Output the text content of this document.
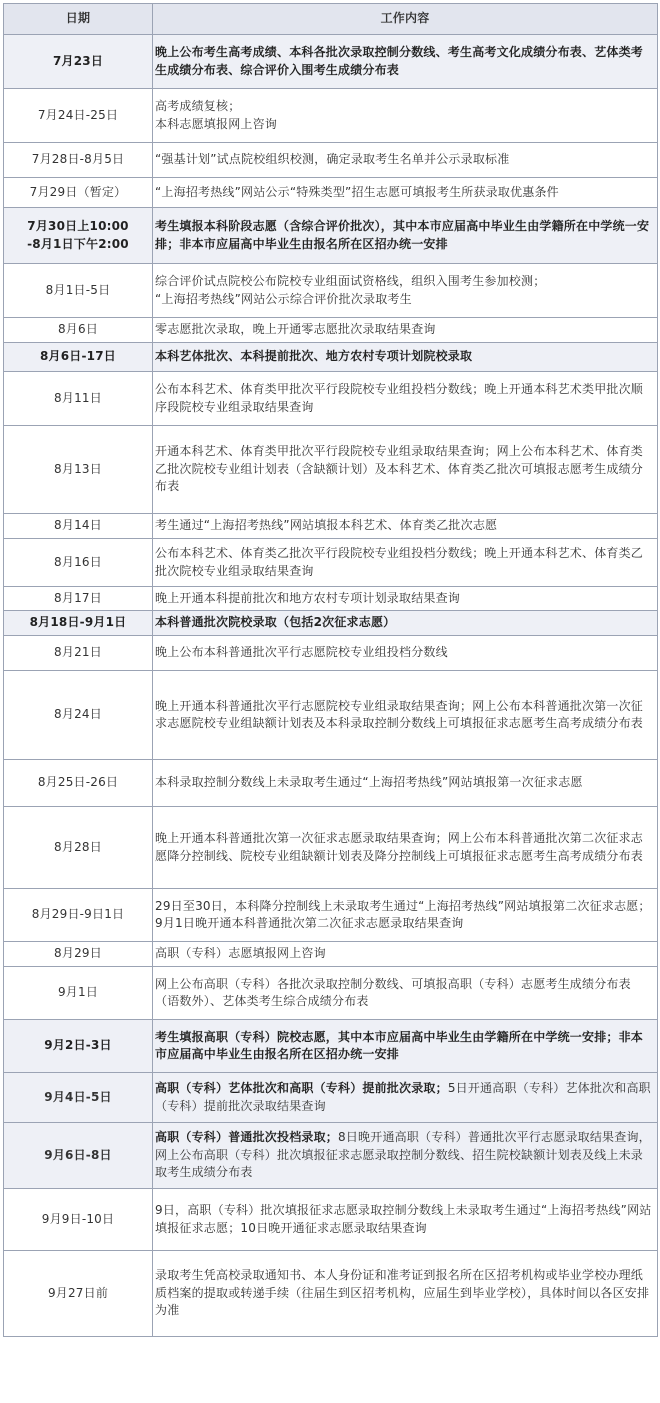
日期	工作内容
7月23日	晚上公布考生高考成绩、本科各批次录取控制分数线、考生高考文化成绩分布表、艺体类考生成绩分布表、综合评价入围考生成绩分布表
7月24日-25日	高考成绩复核；
本科志愿填报网上咨询
7月28日-8月5日	“强基计划”试点院校组织校测，确定录取考生名单并公示录取标准
7月29日（暂定）	“上海招考热线”网站公示“特殊类型”招生志愿可填报考生所获录取优惠条件
7月30日上10:00
-8月1日下午2:00	考生填报本科阶段志愿（含综合评价批次），其中本市应届高中毕业生由学籍所在中学统一安排；非本市应届高中毕业生由报名所在区招办统一安排
8月1日-5日	综合评价试点院校公布院校专业组面试资格线，组织入围考生参加校测；
“上海招考热线”网站公示综合评价批次录取考生
8月6日	零志愿批次录取，晚上开通零志愿批次录取结果查询
8月6日-17日	本科艺体批次、本科提前批次、地方农村专项计划院校录取
8月11日	公布本科艺术、体育类甲批次平行段院校专业组投档分数线；晚上开通本科艺术类甲批次顺序段院校专业组录取结果查询
8月13日	开通本科艺术、体育类甲批次平行段院校专业组录取结果查询；网上公布本科艺术、体育类乙批次院校专业组计划表（含缺额计划）及本科艺术、体育类乙批次可填报志愿考生成绩分布表
8月14日	考生通过“上海招考热线”网站填报本科艺术、体育类乙批次志愿
8月16日	公布本科艺术、体育类乙批次平行段院校专业组投档分数线；晚上开通本科艺术、体育类乙批次院校专业组录取结果查询
8月17日	晚上开通本科提前批次和地方农村专项计划录取结果查询
8月18日-9月1日	本科普通批次院校录取（包括2次征求志愿）
8月21日	晚上公布本科普通批次平行志愿院校专业组投档分数线
8月24日	晚上开通本科普通批次平行志愿院校专业组录取结果查询；网上公布本科普通批次第一次征求志愿院校专业组缺额计划表及本科录取控制分数线上可填报征求志愿考生高考成绩分布表
8月25日-26日	本科录取控制分数线上未录取考生通过“上海招考热线”网站填报第一次征求志愿
8月28日	晚上开通本科普通批次第一次征求志愿录取结果查询；网上公布本科普通批次第二次征求志愿降分控制线、院校专业组缺额计划表及降分控制线上可填报征求志愿考生高考成绩分布表
8月29日-9日1日	29日至30日，本科降分控制线上未录取考生通过“上海招考热线”网站填报第二次征求志愿；9月1日晚开通本科普通批次第二次征求志愿录取结果查询
8月29日	高职（专科）志愿填报网上咨询
9月1日	网上公布高职（专科）各批次录取控制分数线、可填报高职（专科）志愿考生成绩分布表（语数外）、艺体类考生综合成绩分布表
9月2日-3日	考生填报高职（专科）院校志愿，其中本市应届高中毕业生由学籍所在中学统一安排；非本市应届高中毕业生由报名所在区招办统一安排
9月4日-5日	高职（专科）艺体批次和高职（专科）提前批次录取；5日开通高职（专科）艺体批次和高职（专科）提前批次录取结果查询
9月6日-8日	高职（专科）普通批次投档录取；8日晚开通高职（专科）普通批次平行志愿录取结果查询，网上公布高职（专科）批次填报征求志愿录取控制分数线、招生院校缺额计划表及线上未录取考生成绩分布表
9月9日-10日	9日，高职（专科）批次填报征求志愿录取控制分数线上未录取考生通过“上海招考热线”网站填报征求志愿；10日晚开通征求志愿录取结果查询
9月27日前	录取考生凭高校录取通知书、本人身份证和准考证到报名所在区招考机构或毕业学校办理纸质档案的提取或转递手续（往届生到区招考机构，应届生到毕业学校），具体时间以各区安排为准
